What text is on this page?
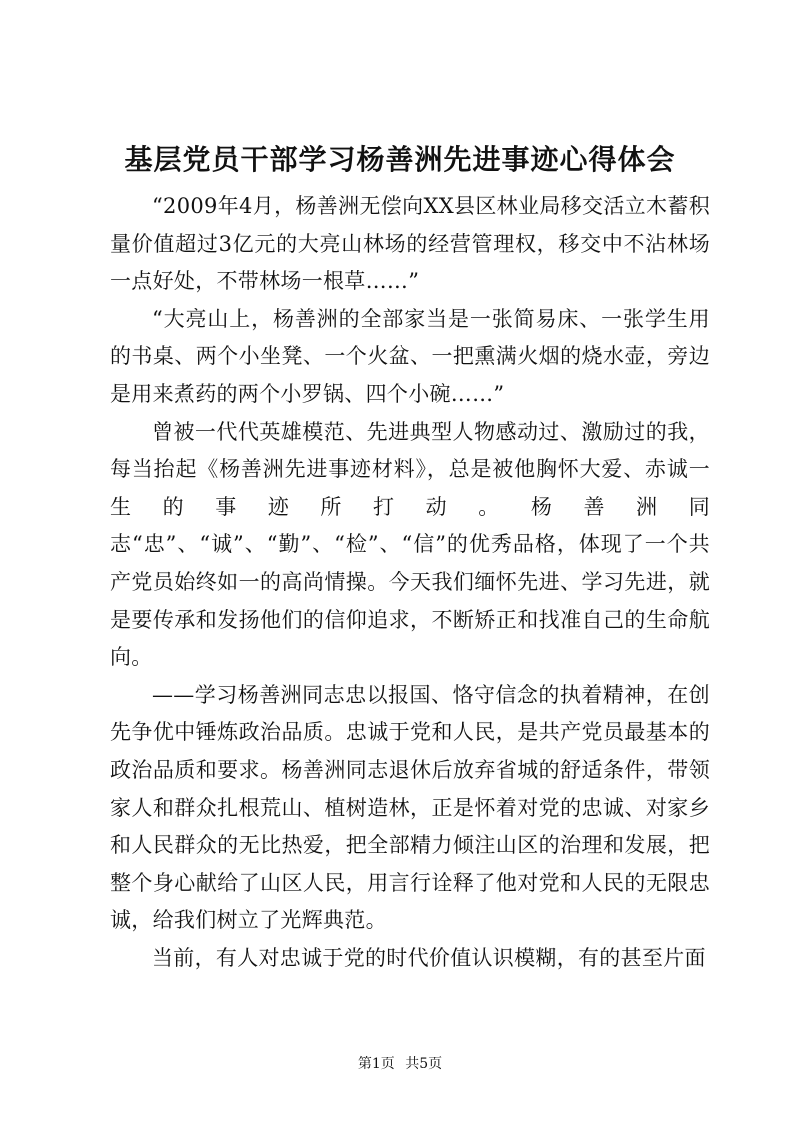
基层党员干部学习杨善洲先进事迹心得体会

“2009年4月，杨善洲无偿向XX县区林业局移交活立木蓄积量价值超过3亿元的大亮山林场的经营管理权，移交中不沾林场一点好处，不带林场一根草……”

“大亮山上，杨善洲的全部家当是一张简易床、一张学生用的书桌、两个小坐凳、一个火盆、一把熏满火烟的烧水壶，旁边是用来煮药的两个小罗锅、四个小碗……”

曾被一代代英雄模范、先进典型人物感动过、激励过的我，每当抬起《杨善洲先进事迹材料》，总是被他胸怀大爱、赤诚一生的事迹所打动。杨善洲同志“忠”、“诚”、“勤”、“检”、“信”的优秀品格，体现了一个共产党员始终如一的高尚情操。今天我们缅怀先进、学习先进，就是要传承和发扬他们的信仰追求，不断矫正和找准自己的生命航向。

——学习杨善洲同志忠以报国、恪守信念的执着精神，在创先争优中锤炼政治品质。忠诚于党和人民，是共产党员最基本的政治品质和要求。杨善洲同志退休后放弃省城的舒适条件，带领家人和群众扎根荒山、植树造林，正是怀着对党的忠诚、对家乡和人民群众的无比热爱，把全部精力倾注山区的治理和发展，把整个身心献给了山区人民，用言行诠释了他对党和人民的无限忠诚，给我们树立了光辉典范。

当前，有人对忠诚于党的时代价值认识模糊，有的甚至片面

第1页 共5页
